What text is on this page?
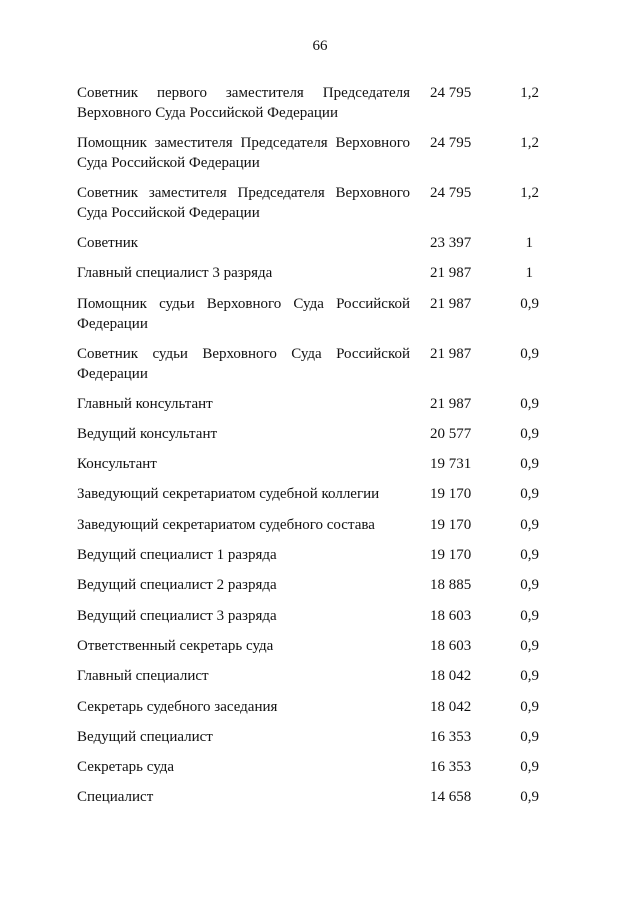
66
Советник первого заместителя Председателя Верховного Суда Российской Федерации
24 795	1,2
Помощник заместителя Председателя Верховного Суда Российской Федерации
24 795	1,2
Советник заместителя Председателя Верховного Суда Российской Федерации
24 795	1,2
Советник	23 397	1
Главный специалист 3 разряда	21 987	1
Помощник судьи Верховного Суда Российской Федерации
21 987	0,9
Советник судьи Верховного Суда Российской Федерации
21 987	0,9
Главный консультант	21 987	0,9
Ведущий консультант	20 577	0,9
Консультант	19 731	0,9
Заведующий секретариатом судебной коллегии	19 170	0,9
Заведующий секретариатом судебного состава	19 170	0,9
Ведущий специалист 1 разряда	19 170	0,9
Ведущий специалист 2 разряда	18 885	0,9
Ведущий специалист 3 разряда	18 603	0,9
Ответственный секретарь суда	18 603	0,9
Главный специалист	18 042	0,9
Секретарь судебного заседания	18 042	0,9
Ведущий специалист	16 353	0,9
Секретарь суда	16 353	0,9
Специалист	14 658	0,9
